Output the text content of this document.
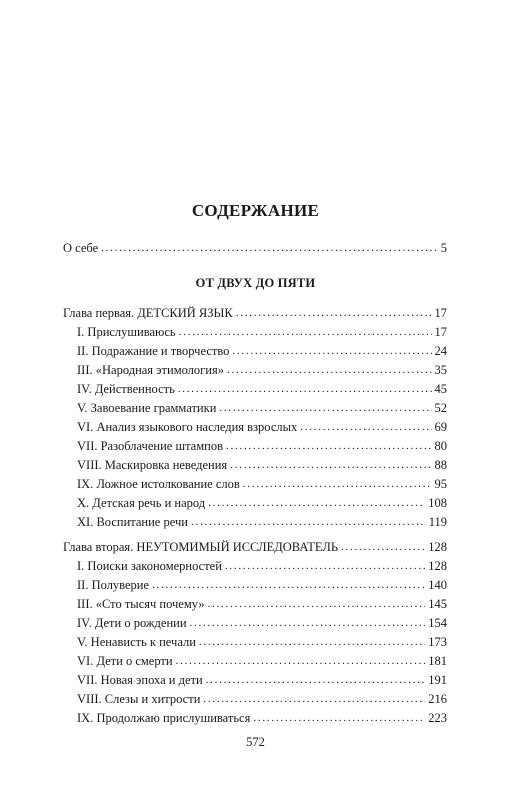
СОДЕРЖАНИЕ
О себе . . .	5
ОТ ДВУХ ДО ПЯТИ
Глава первая. ДЕТСКИЙ ЯЗЫК . . .	17
I. Прислушиваюсь . . .	17
II. Подражание и творчество . . .	24
III. «Народная этимология» . . .	35
IV. Действенность . . .	45
V. Завоевание грамматики . . .	52
VI. Анализ языкового наследия взрослых . . .	69
VII. Разоблачение штампов . . .	80
VIII. Маскировка неведения . . .	88
IX. Ложное истолкование слов . . .	95
X. Детская речь и народ . . .	108
XI. Воспитание речи . . .	119
Глава вторая. НЕУТОМИМЫЙ ИССЛЕДОВАТЕЛЬ . . .	128
I. Поиски закономерностей . . .	128
II. Полуверие . . .	140
III. «Сто тысяч почему» . . .	145
IV. Дети о рождении . . .	154
V. Ненависть к печали . . .	173
VI. Дети о смерти . . .	181
VII. Новая эпоха и дети . . .	191
VIII. Слезы и хитрости . . .	216
IX. Продолжаю прислушиваться . . .	223
572
